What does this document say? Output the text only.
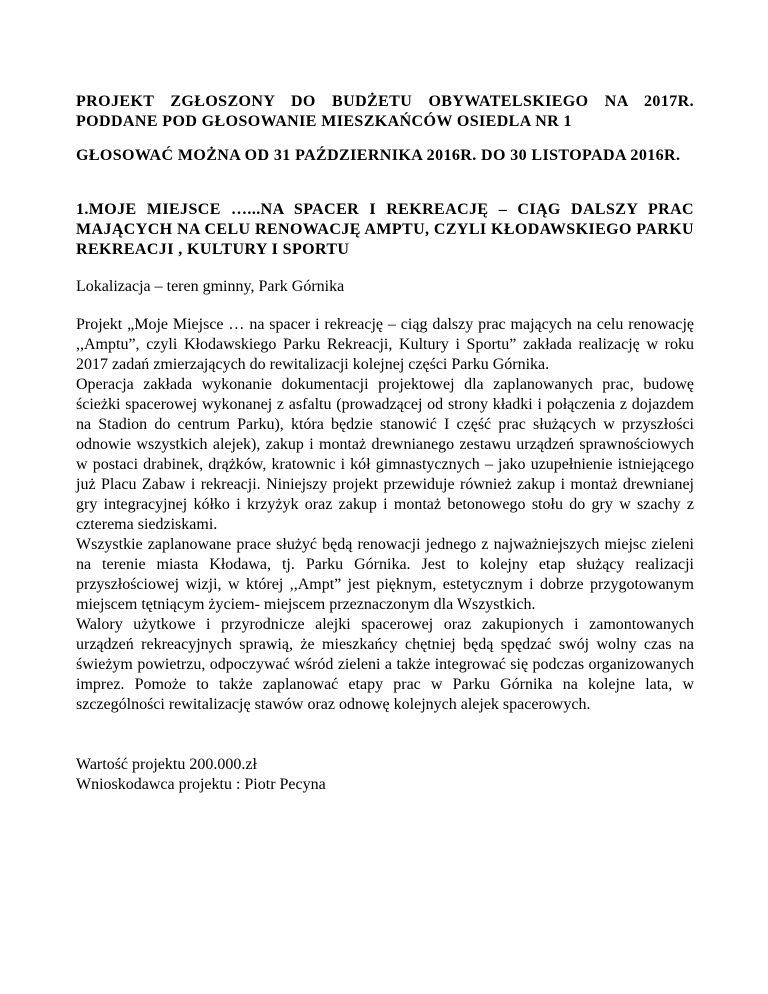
PROJEKT ZGŁOSZONY DO BUDŻETU OBYWATELSKIEGO NA 2017R. PODDANE POD GŁOSOWANIE MIESZKAŃCÓW OSIEDLA NR 1

GŁOSOWAĆ MOŻNA OD 31 PAŹDZIERNIKA 2016R. DO 30 LISTOPADA 2016R.

1.MOJE MIEJSCE …...NA SPACER I REKREACJĘ – CIĄG DALSZY PRAC MAJĄCYCH NA CELU RENOWACJĘ AMPTU, CZYLI KŁODAWSKIEGO PARKU REKREACJI , KULTURY I SPORTU

Lokalizacja – teren gminny, Park Górnika

Projekt „Moje Miejsce … na spacer i rekreację – ciąg dalszy prac mających na celu renowację ,,Amptu”, czyli Kłodawskiego Parku Rekreacji, Kultury i Sportu” zakłada realizację w roku 2017 zadań zmierzających do rewitalizacji kolejnej części Parku Górnika.

Operacja zakłada wykonanie dokumentacji projektowej dla zaplanowanych prac, budowę ścieżki spacerowej wykonanej z asfaltu (prowadzącej od strony kładki i połączenia z dojazdem na Stadion do centrum Parku), która będzie stanowić I część prac służących w przyszłości odnowie wszystkich alejek), zakup i montaż drewnianego zestawu urządzeń sprawnościowych w postaci drabinek, drążków, kratownic i kół gimnastycznych – jako uzupełnienie istniejącego już Placu Zabaw i rekreacji. Niniejszy projekt przewiduje również zakup i montaż drewnianej gry integracyjnej kółko i krzyżyk oraz zakup i montaż betonowego stołu do gry w szachy z czterema siedziskami.

Wszystkie zaplanowane prace służyć będą renowacji jednego z najważniejszych miejsc zieleni na terenie miasta Kłodawa, tj. Parku Górnika. Jest to kolejny etap służący realizacji przyszłościowej wizji, w której ,,Ampt” jest pięknym, estetycznym i dobrze przygotowanym miejscem tętniącym życiem- miejscem przeznaczonym dla Wszystkich.

Walory użytkowe i przyrodnicze alejki spacerowej oraz zakupionych i zamontowanych urządzeń rekreacyjnych sprawią, że mieszkańcy chętniej będą spędzać swój wolny czas na świeżym powietrzu, odpoczywać wśród zieleni a także integrować się podczas organizowanych imprez. Pomoże to także zaplanować etapy prac w Parku Górnika na kolejne lata, w szczególności rewitalizację stawów oraz odnowę kolejnych alejek spacerowych.

Wartość projektu 200.000.zł

Wnioskodawca projektu : Piotr Pecyna
